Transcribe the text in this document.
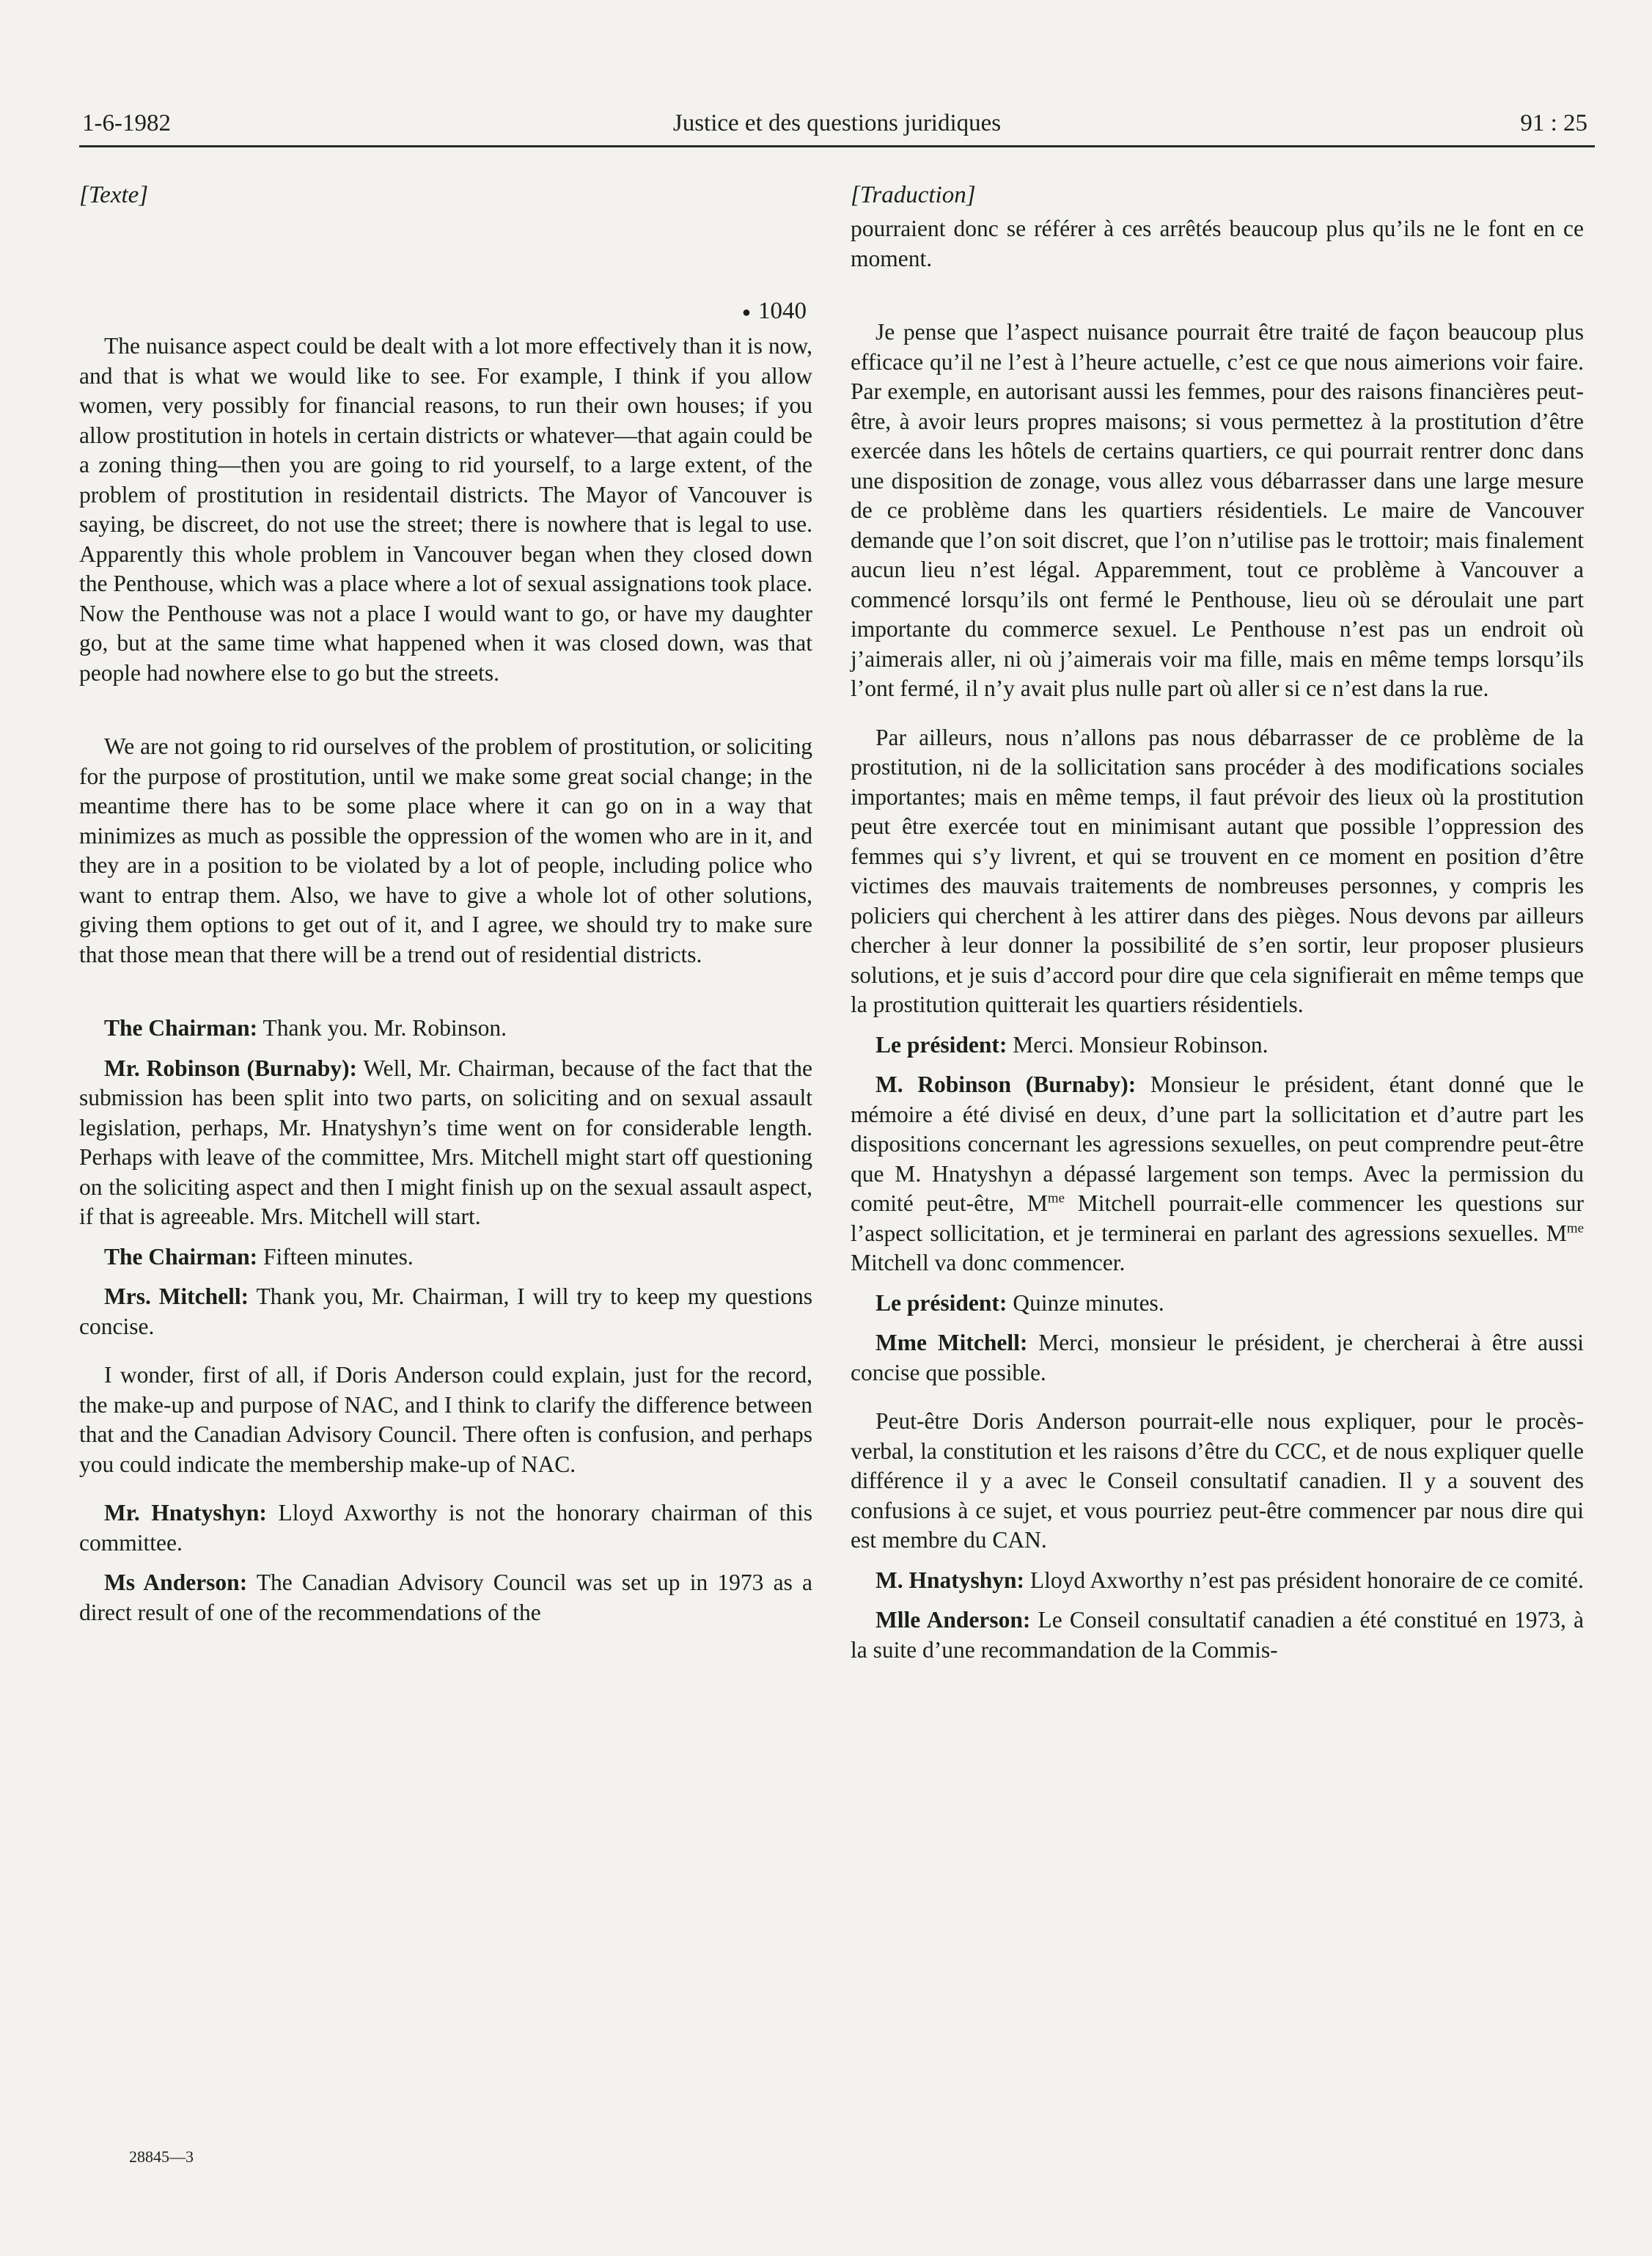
1-6-1982	Justice et des questions juridiques	91 : 25
[Texte]
● 1040

The nuisance aspect could be dealt with a lot more effectively than it is now, and that is what we would like to see. For example, I think if you allow women, very possibly for financial reasons, to run their own houses; if you allow prostitution in hotels in certain districts or whatever—that again could be a zoning thing—then you are going to rid yourself, to a large extent, of the problem of prostitution in residentail districts. The Mayor of Vancouver is saying, be discreet, do not use the street; there is nowhere that is legal to use. Apparently this whole problem in Vancouver began when they closed down the Penthouse, which was a place where a lot of sexual assignations took place. Now the Penthouse was not a place I would want to go, or have my daughter go, but at the same time what happened when it was closed down, was that people had nowhere else to go but the streets.

We are not going to rid ourselves of the problem of prostitution, or soliciting for the purpose of prostitution, until we make some great social change; in the meantime there has to be some place where it can go on in a way that minimizes as much as possible the oppression of the women who are in it, and they are in a position to be violated by a lot of people, including police who want to entrap them. Also, we have to give a whole lot of other solutions, giving them options to get out of it, and I agree, we should try to make sure that those mean that there will be a trend out of residential districts.

The Chairman: Thank you. Mr. Robinson.

Mr. Robinson (Burnaby): Well, Mr. Chairman, because of the fact that the submission has been split into two parts, on soliciting and on sexual assault legislation, perhaps, Mr. Hnatyshyn’s time went on for considerable length. Perhaps with leave of the committee, Mrs. Mitchell might start off questioning on the soliciting aspect and then I might finish up on the sexual assault aspect, if that is agreeable. Mrs. Mitchell will start.

The Chairman: Fifteen minutes.

Mrs. Mitchell: Thank you, Mr. Chairman, I will try to keep my questions concise.

I wonder, first of all, if Doris Anderson could explain, just for the record, the make-up and purpose of NAC, and I think to clarify the difference between that and the Canadian Advisory Council. There often is confusion, and perhaps you could indicate the membership make-up of NAC.

Mr. Hnatyshyn: Lloyd Axworthy is not the honorary chairman of this committee.

Ms Anderson: The Canadian Advisory Council was set up in 1973 as a direct result of one of the recommendations of the

[Traduction]

pourraient donc se référer à ces arrêtés beaucoup plus qu’ils ne le font en ce moment.

Je pense que l’aspect nuisance pourrait être traité de façon beaucoup plus efficace qu’il ne l’est à l’heure actuelle, c’est ce que nous aimerions voir faire. Par exemple, en autorisant aussi les femmes, pour des raisons financières peut-être, à avoir leurs propres maisons; si vous permettez à la prostitution d’être exercée dans les hôtels de certains quartiers, ce qui pourrait rentrer donc dans une disposition de zonage, vous allez vous débarrasser dans une large mesure de ce problème dans les quartiers résidentiels. Le maire de Vancouver demande que l’on soit discret, que l’on n’utilise pas le trottoir; mais finalement aucun lieu n’est légal. Apparemment, tout ce problème à Vancouver a commencé lorsqu’ils ont fermé le Penthouse, lieu où se déroulait une part importante du commerce sexuel. Le Penthouse n’est pas un endroit où j’aimerais aller, ni où j’aimerais voir ma fille, mais en même temps lorsqu’ils l’ont fermé, il n’y avait plus nulle part où aller si ce n’est dans la rue.

Par ailleurs, nous n’allons pas nous débarrasser de ce problème de la prostitution, ni de la sollicitation sans procéder à des modifications sociales importantes; mais en même temps, il faut prévoir des lieux où la prostitution peut être exercée tout en minimisant autant que possible l’oppression des femmes qui s’y livrent, et qui se trouvent en ce moment en position d’être victimes des mauvais traitements de nombreuses personnes, y compris les policiers qui cherchent à les attirer dans des pièges. Nous devons par ailleurs chercher à leur donner la possibilité de s’en sortir, leur proposer plusieurs solutions, et je suis d’accord pour dire que cela signifierait en même temps que la prostitution quitterait les quartiers résidentiels.

Le président: Merci. Monsieur Robinson.

M. Robinson (Burnaby): Monsieur le président, étant donné que le mémoire a été divisé en deux, d’une part la sollicitation et d’autre part les dispositions concernant les agressions sexuelles, on peut comprendre peut-être que M. Hnatyshyn a dépassé largement son temps. Avec la permission du comité peut-être, $M^{me}$ Mitchell pourrait-elle commencer les questions sur l’aspect sollicitation, et je terminerai en parlant des agressions sexuelles. $M^{me}$ Mitchell va donc commencer.

Le président: Quinze minutes.

Mme Mitchell: Merci, monsieur le président, je chercherai à être aussi concise que possible.

Peut-être Doris Anderson pourrait-elle nous expliquer, pour le procès-verbal, la constitution et les raisons d’être du CCC, et de nous expliquer quelle différence il y a avec le Conseil consultatif canadien. Il y a souvent des confusions à ce sujet, et vous pourriez peut-être commencer par nous dire qui est membre du CAN.

M. Hnatyshyn: Lloyd Axworthy n’est pas président honoraire de ce comité.

Mlle Anderson: Le Conseil consultatif canadien a été constitué en 1973, à la suite d’une recommandation de la Commis-

28845—3
